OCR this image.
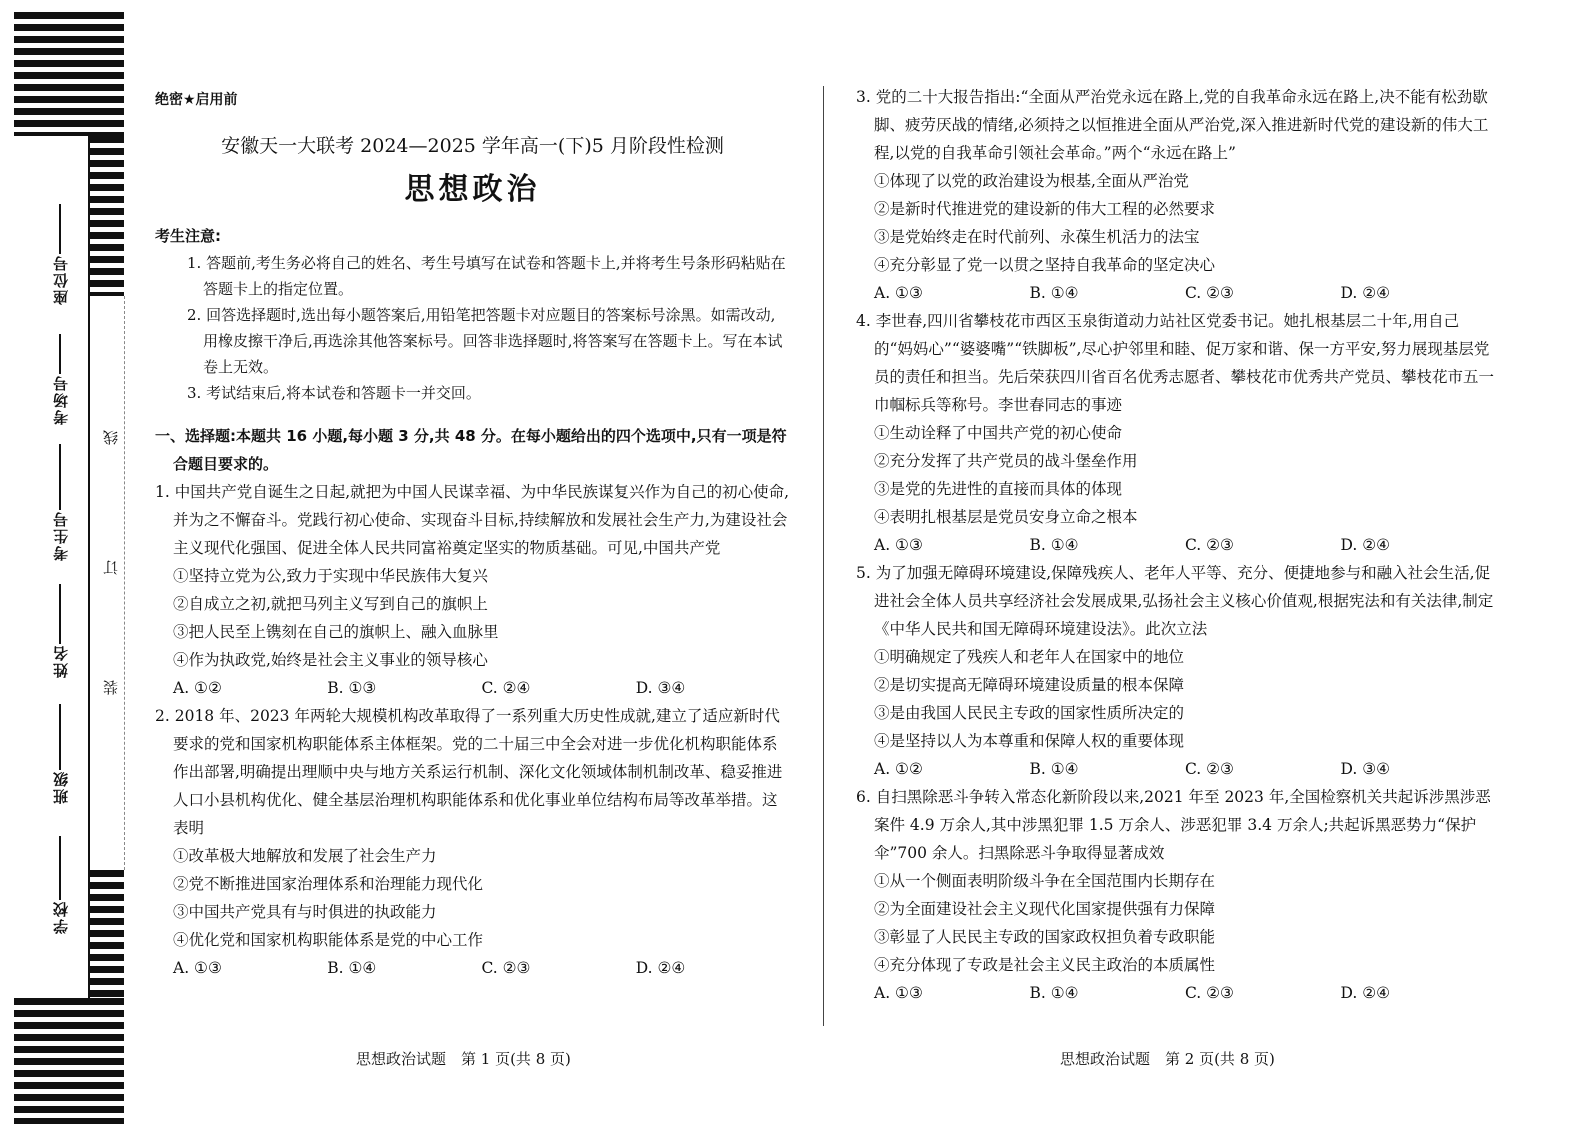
座位号
考场号
考生号
姓名
班级
学校
线
订
装
绝密★启用前
安徽天一大联考 2024—2025 学年高一(下)5 月阶段性检测
思想政治
考生注意:
1. 答题前,考生务必将自己的姓名、考生号填写在试卷和答题卡上,并将考生号条形码粘贴在答题卡上的指定位置。
2. 回答选择题时,选出每小题答案后,用铅笔把答题卡对应题目的答案标号涂黑。如需改动,用橡皮擦干净后,再选涂其他答案标号。回答非选择题时,将答案写在答题卡上。写在本试卷上无效。
3. 考试结束后,将本试卷和答题卡一并交回。
一、选择题:本题共 16 小题,每小题 3 分,共 48 分。在每小题给出的四个选项中,只有一项是符合题目要求的。
1. 中国共产党自诞生之日起,就把为中国人民谋幸福、为中华民族谋复兴作为自己的初心使命,并为之不懈奋斗。党践行初心使命、实现奋斗目标,持续解放和发展社会生产力,为建设社会主义现代化强国、促进全体人民共同富裕奠定坚实的物质基础。可见,中国共产党
①坚持立党为公,致力于实现中华民族伟大复兴
②自成立之初,就把马列主义写到自己的旗帜上
③把人民至上镌刻在自己的旗帜上、融入血脉里
④作为执政党,始终是社会主义事业的领导核心
A. ①②	B. ①③	C. ②④	D. ③④
2. 2018 年、2023 年两轮大规模机构改革取得了一系列重大历史性成就,建立了适应新时代要求的党和国家机构职能体系主体框架。党的二十届三中全会对进一步优化机构职能体系作出部署,明确提出理顺中央与地方关系运行机制、深化文化领域体制机制改革、稳妥推进人口小县机构优化、健全基层治理机构职能体系和优化事业单位结构布局等改革举措。这表明
①改革极大地解放和发展了社会生产力
②党不断推进国家治理体系和治理能力现代化
③中国共产党具有与时俱进的执政能力
④优化党和国家机构职能体系是党的中心工作
A. ①③	B. ①④	C. ②③	D. ②④
3. 党的二十大报告指出:“全面从严治党永远在路上,党的自我革命永远在路上,决不能有松劲歇脚、疲劳厌战的情绪,必须持之以恒推进全面从严治党,深入推进新时代党的建设新的伟大工程,以党的自我革命引领社会革命。”两个“永远在路上”
①体现了以党的政治建设为根基,全面从严治党
②是新时代推进党的建设新的伟大工程的必然要求
③是党始终走在时代前列、永葆生机活力的法宝
④充分彰显了党一以贯之坚持自我革命的坚定决心
A. ①③	B. ①④	C. ②③	D. ②④
4. 李世春,四川省攀枝花市西区玉泉街道动力站社区党委书记。她扎根基层二十年,用自己的“妈妈心”“婆婆嘴”“铁脚板”,尽心护邻里和睦、促万家和谐、保一方平安,努力展现基层党员的责任和担当。先后荣获四川省百名优秀志愿者、攀枝花市优秀共产党员、攀枝花市五一巾帼标兵等称号。李世春同志的事迹
①生动诠释了中国共产党的初心使命
②充分发挥了共产党员的战斗堡垒作用
③是党的先进性的直接而具体的体现
④表明扎根基层是党员安身立命之根本
A. ①③	B. ①④	C. ②③	D. ②④
5. 为了加强无障碍环境建设,保障残疾人、老年人平等、充分、便捷地参与和融入社会生活,促进社会全体人员共享经济社会发展成果,弘扬社会主义核心价值观,根据宪法和有关法律,制定《中华人民共和国无障碍环境建设法》。此次立法
①明确规定了残疾人和老年人在国家中的地位
②是切实提高无障碍环境建设质量的根本保障
③是由我国人民民主专政的国家性质所决定的
④是坚持以人为本尊重和保障人权的重要体现
A. ①②	B. ①④	C. ②③	D. ③④
6. 自扫黑除恶斗争转入常态化新阶段以来,2021 年至 2023 年,全国检察机关共起诉涉黑涉恶案件 4.9 万余人,其中涉黑犯罪 1.5 万余人、涉恶犯罪 3.4 万余人;共起诉黑恶势力“保护伞”700 余人。扫黑除恶斗争取得显著成效
①从一个侧面表明阶级斗争在全国范围内长期存在
②为全面建设社会主义现代化国家提供强有力保障
③彰显了人民民主专政的国家政权担负着专政职能
④充分体现了专政是社会主义民主政治的本质属性
A. ①③	B. ①④	C. ②③	D. ②④
思想政治试题　第 1 页(共 8 页)	思想政治试题　第 2 页(共 8 页)
